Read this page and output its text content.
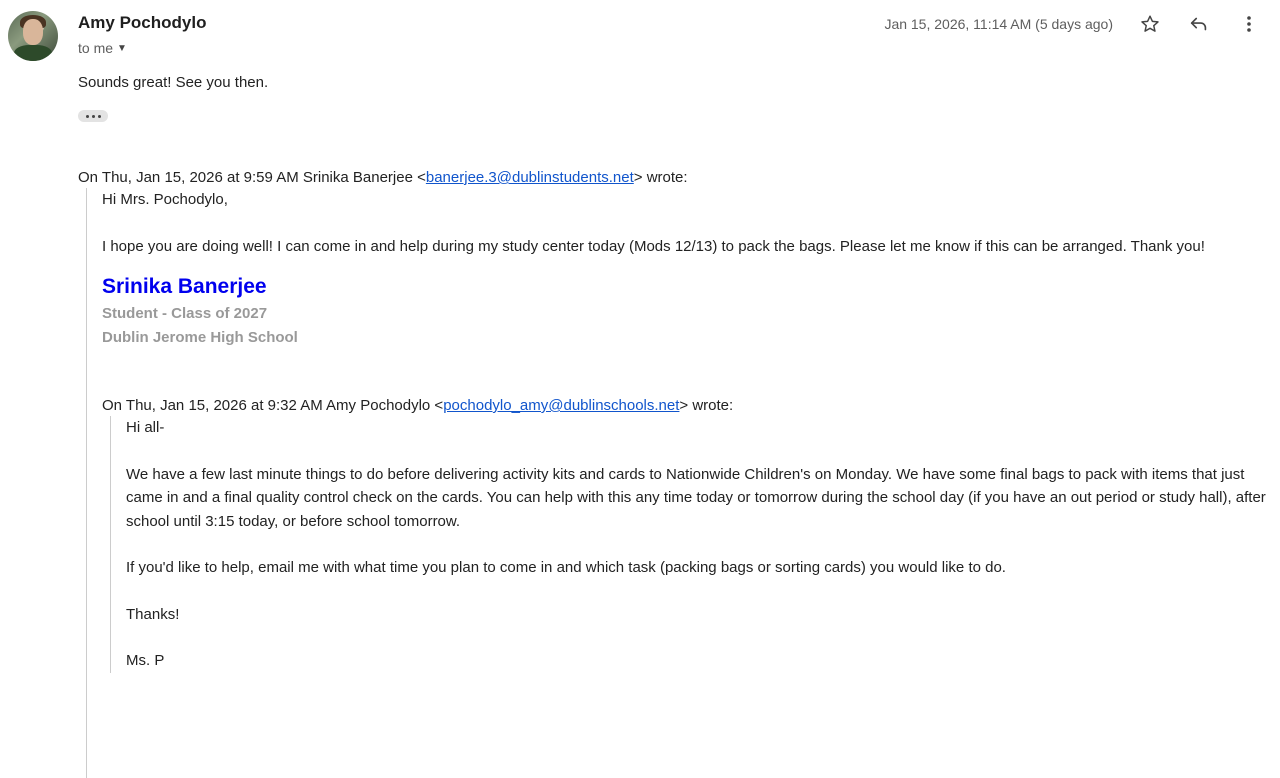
Amy Pochodylo
to me ▼
Jan 15, 2026, 11:14 AM (5 days ago)
Sounds great! See you then.
On Thu, Jan 15, 2026 at 9:59 AM Srinika Banerjee <banerjee.3@dublinstudents.net> wrote:

Hi Mrs. Pochodylo,

I hope you are doing well! I can come in and help during my study center today (Mods 12/13) to pack the bags. Please let me know if this can be arranged. Thank you!

Srinika Banerjee
Student - Class of 2027
Dublin Jerome High School

On Thu, Jan 15, 2026 at 9:32 AM Amy Pochodylo <pochodylo_amy@dublinschools.net> wrote:

Hi all-

We have a few last minute things to do before delivering activity kits and cards to Nationwide Children's on Monday. We have some final bags to pack with items that just came in and a final quality control check on the cards. You can help with this any time today or tomorrow during the school day (if you have an out period or study hall), after school until 3:15 today, or before school tomorrow.

If you'd like to help, email me with what time you plan to come in and which task (packing bags or sorting cards) you would like to do.

Thanks!

Ms. P
